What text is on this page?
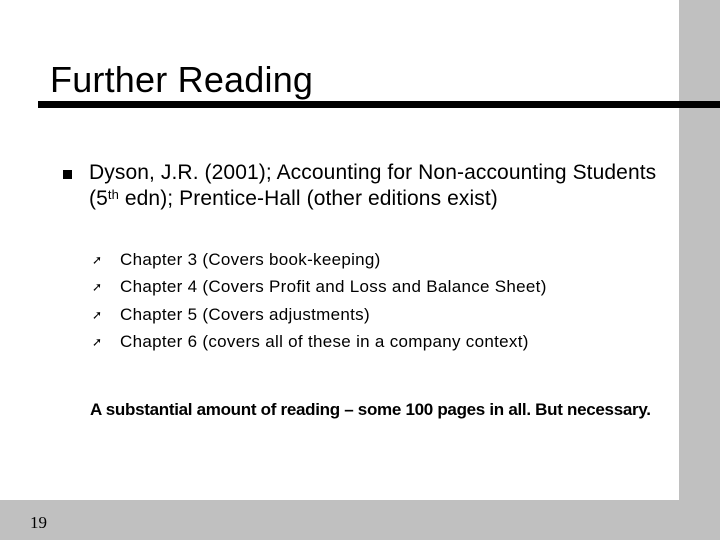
Further Reading
Dyson, J.R. (2001); Accounting for Non-accounting Students (5th edn); Prentice-Hall (other editions exist)
➚	Chapter 3 (Covers book-keeping)
➚	Chapter 4 (Covers Profit and Loss and Balance Sheet)
➚	Chapter 5 (Covers adjustments)
➚	Chapter 6 (covers all of these in a company context)
A substantial amount of reading – some 100 pages in all. But necessary.
19
